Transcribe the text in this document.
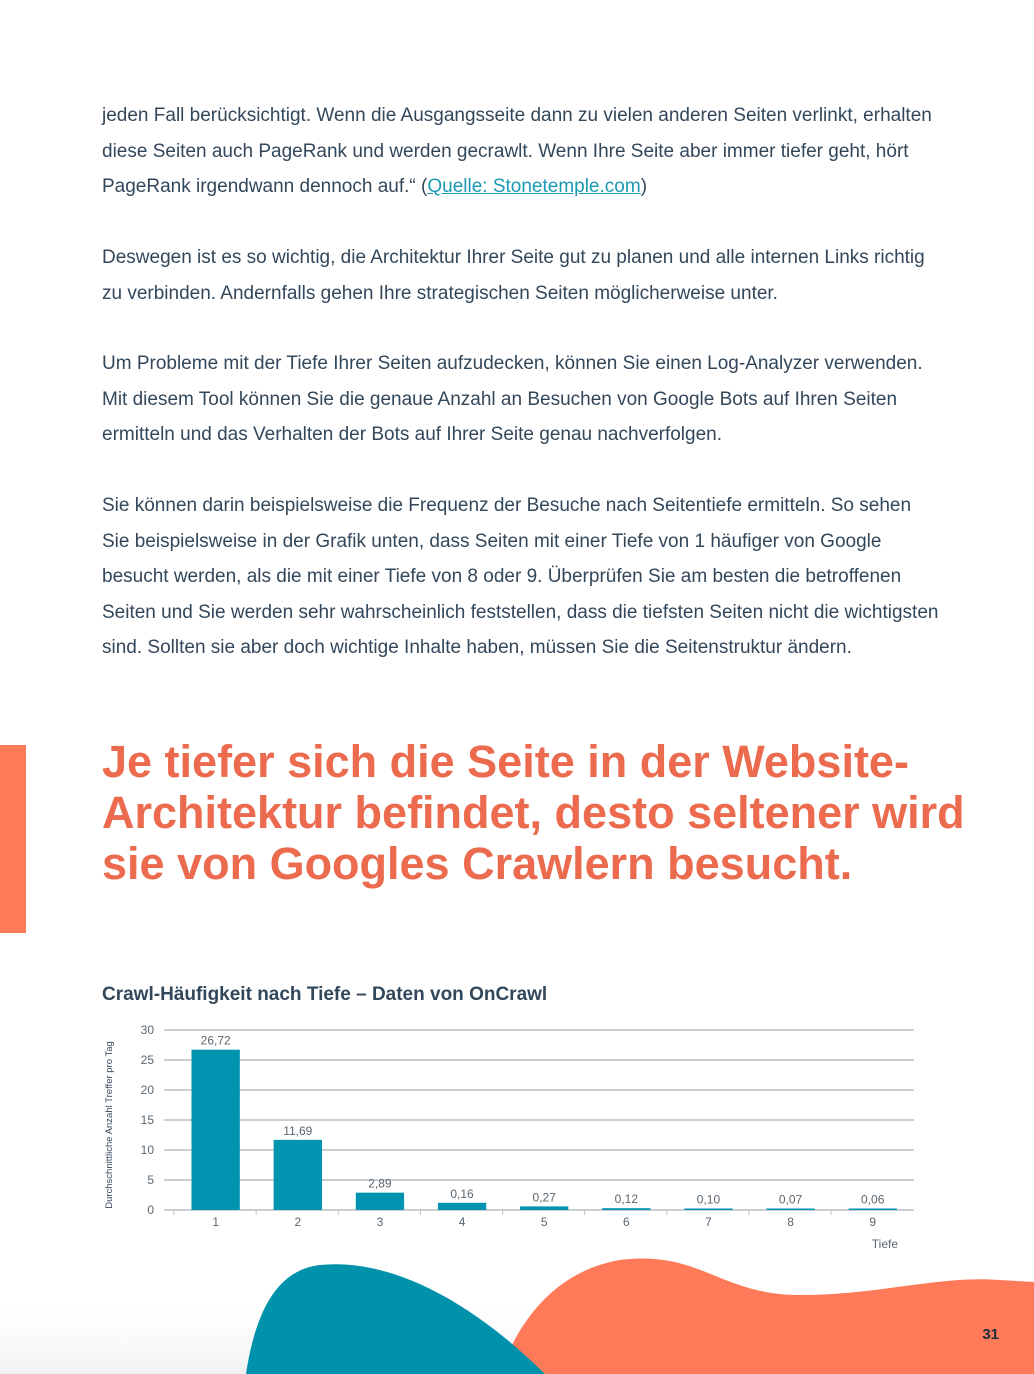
jeden Fall berücksichtigt. Wenn die Ausgangsseite dann zu vielen anderen Seiten verlinkt, erhalten diese Seiten auch PageRank und werden gecrawlt. Wenn Ihre Seite aber immer tiefer geht, hört PageRank irgendwann dennoch auf.“ (Quelle: Stonetemple.com)

Deswegen ist es so wichtig, die Architektur Ihrer Seite gut zu planen und alle internen Links richtig zu verbinden. Andernfalls gehen Ihre strategischen Seiten möglicherweise unter.

Um Probleme mit der Tiefe Ihrer Seiten aufzudecken, können Sie einen Log-Analyzer verwenden. Mit diesem Tool können Sie die genaue Anzahl an Besuchen von Google Bots auf Ihren Seiten ermitteln und das Verhalten der Bots auf Ihrer Seite genau nachverfolgen.

Sie können darin beispielsweise die Frequenz der Besuche nach Seitentiefe ermitteln. So sehen Sie beispielsweise in der Grafik unten, dass Seiten mit einer Tiefe von 1 häufiger von Google besucht werden, als die mit einer Tiefe von 8 oder 9. Überprüfen Sie am besten die betroffenen Seiten und Sie werden sehr wahrscheinlich feststellen, dass die tiefsten Seiten nicht die wichtigsten sind. Sollten sie aber doch wichtige Inhalte haben, müssen Sie die Seitenstruktur ändern.

Je tiefer sich die Seite in der Website-Architektur befindet, desto seltener wird sie von Googles Crawlern besucht.
Crawl-Häufigkeit nach Tiefe – Daten von OnCrawl
0
5
10
15
20
25
30
Durchschnittliche Anzahl Treffer pro Tag
26,72
1
11,69
2
2,89
3
0,16
4
0,27
5
0,12
6
0,10
7
0,07
8
0,06
9
Tiefe
31
